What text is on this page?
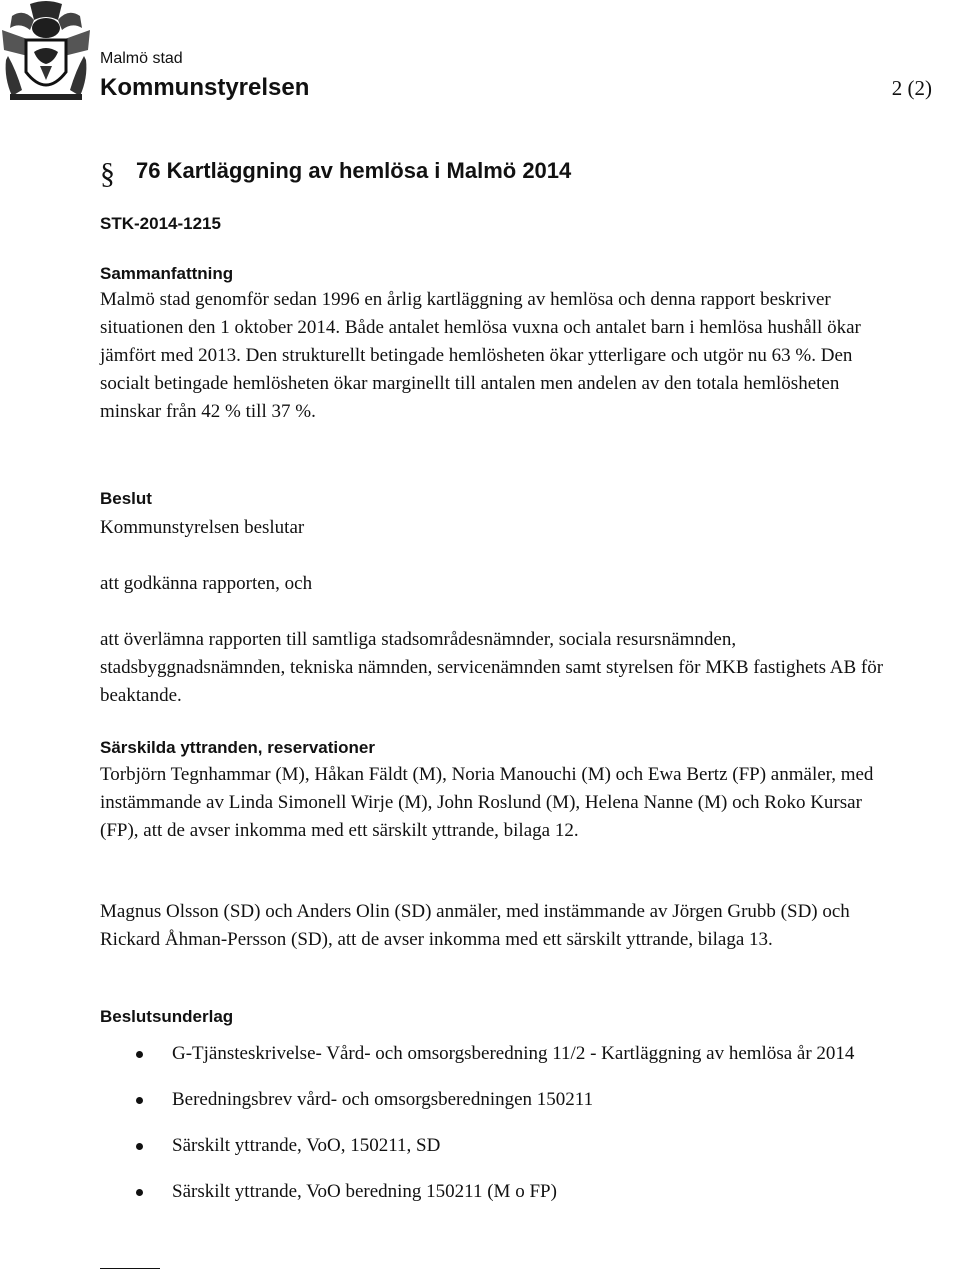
Malmö stad
Kommunstyrelsen	2 (2)
§ 76 Kartläggning av hemlösa i Malmö 2014
STK-2014-1215
Sammanfattning

Malmö stad genomför sedan 1996 en årlig kartläggning av hemlösa och denna rapport beskriver situationen den 1 oktober 2014. Både antalet hemlösa vuxna och antalet barn i hemlösa hushåll ökar jämfört med 2013. Den strukturellt betingade hemlösheten ökar ytterligare och utgör nu 63 %. Den socialt betingade hemlösheten ökar marginellt till antalen men andelen av den totala hemlösheten minskar från 42 % till 37 %.

Beslut

Kommunstyrelsen beslutar

att godkänna rapporten, och

att överlämna rapporten till samtliga stadsområdesnämnder, sociala resursnämnden, stadsbyggnadsnämnden, tekniska nämnden, servicenämnden samt styrelsen för MKB fastighets AB för beaktande.

Särskilda yttranden, reservationer

Torbjörn Tegnhammar (M), Håkan Fäldt (M), Noria Manouchi (M) och Ewa Bertz (FP) anmäler, med instämmande av Linda Simonell Wirje (M), John Roslund (M), Helena Nanne (M) och Roko Kursar (FP), att de avser inkomma med ett särskilt yttrande, bilaga 12.

Magnus Olsson (SD) och Anders Olin (SD) anmäler, med instämmande av Jörgen Grubb (SD) och Rickard Åhman-Persson (SD), att de avser inkomma med ett särskilt yttrande, bilaga 13.

Beslutsunderlag
G-Tjänsteskrivelse- Vård- och omsorgsberedning 11/2 - Kartläggning av hemlösa år 2014
Beredningsbrev vård- och omsorgsberedningen 150211
Särskilt yttrande, VoO, 150211, SD
Särskilt yttrande, VoO beredning 150211 (M o FP)
